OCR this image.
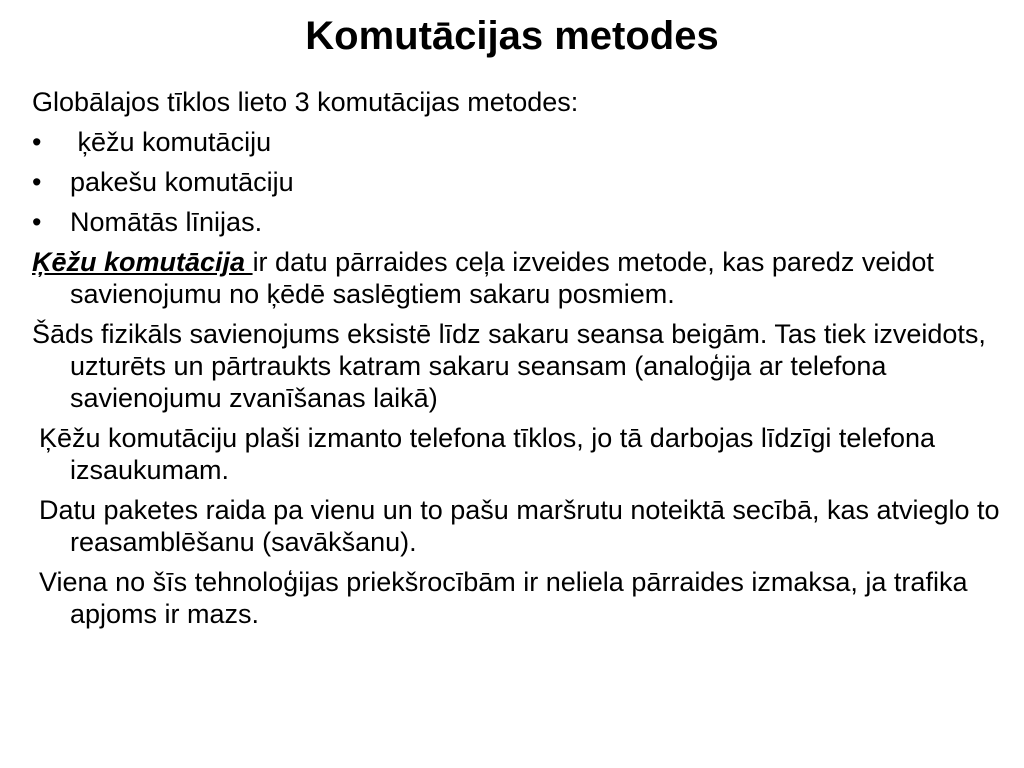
Komutācijas metodes

Globālajos tīklos lieto 3 komutācijas metodes:

•	ķēžu komutāciju
•	pakešu komutāciju
•	Nomātās līnijas.

Ķēžu komutācija ir datu pārraides ceļa izveides metode, kas paredz veidot savienojumu no ķēdē saslēgtiem sakaru posmiem.

Šāds fizikāls savienojums eksistē līdz sakaru seansa beigām. Tas tiek izveidots, uzturēts un pārtraukts katram sakaru seansam (analoģija ar telefona savienojumu zvanīšanas laikā)

Ķēžu komutāciju plaši izmanto telefona tīklos, jo tā darbojas līdzīgi telefona izsaukumam.

Datu paketes raida pa vienu un to pašu maršrutu noteiktā secībā, kas atvieglo to reasamblēšanu (savākšanu).

Viena no šīs tehnoloģijas priekšrocībām ir neliela pārraides izmaksa, ja trafika apjoms ir mazs.
